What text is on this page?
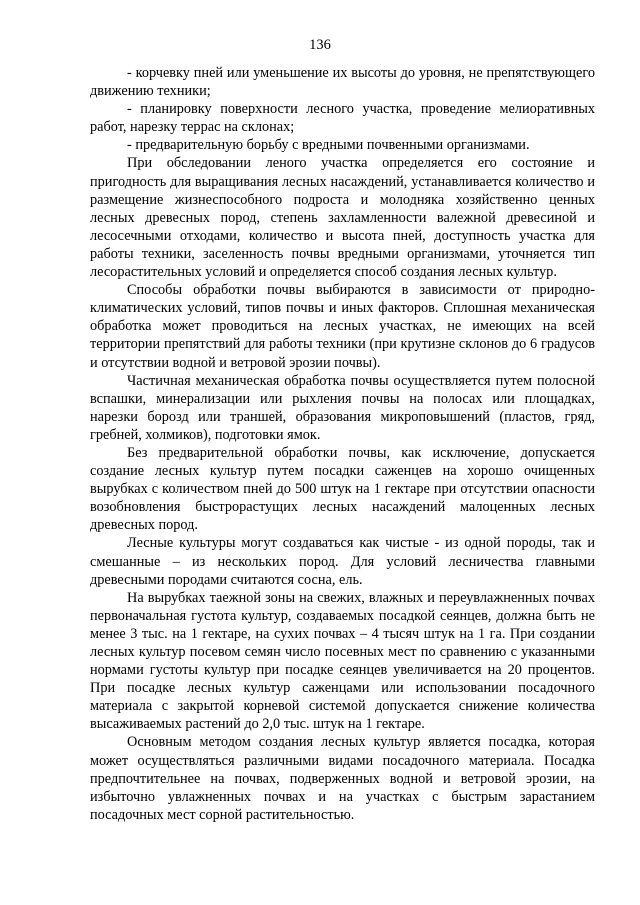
136

- корчевку пней или уменьшение их высоты до уровня, не препятствующего движению техники;

- планировку поверхности лесного участка, проведение мелиоративных работ, нарезку террас на склонах;

- предварительную борьбу с вредными почвенными организмами.

При обследовании леного участка определяется его состояние и пригодность для выращивания лесных насаждений, устанавливается количество и размещение жизнеспособного подроста и молодняка хозяйственно ценных лесных древесных пород, степень захламленности валежной древесиной и лесосечными отходами, количество и высота пней, доступность участка для работы техники, заселенность почвы вредными организмами, уточняется тип лесорастительных условий и определяется способ создания лесных культур.

Способы обработки почвы выбираются в зависимости от природно-климатических условий, типов почвы и иных факторов. Сплошная механическая обработка может проводиться на лесных участках, не имеющих на всей территории препятствий для работы техники (при крутизне склонов до 6 градусов и отсутствии водной и ветровой эрозии почвы).

Частичная механическая обработка почвы осуществляется путем полосной вспашки, минерализации или рыхления почвы на полосах или площадках, нарезки борозд или траншей, образования микроповышений (пластов, гряд, гребней, холмиков), подготовки ямок.

Без предварительной обработки почвы, как исключение, допускается создание лесных культур путем посадки саженцев на хорошо очищенных вырубках с количеством пней до 500 штук на 1 гектаре при отсутствии опасности возобновления быстрорастущих лесных насаждений малоценных лесных древесных пород.

Лесные культуры могут создаваться как чистые - из одной породы, так и смешанные – из нескольких пород. Для условий лесничества главными древесными породами считаются сосна, ель.

На вырубках таежной зоны на свежих, влажных и переувлажненных почвах первоначальная густота культур, создаваемых посадкой сеянцев, должна быть не менее 3 тыс. на 1 гектаре, на сухих почвах – 4 тысяч штук на 1 га. При создании лесных культур посевом семян число посевных мест по сравнению с указанными нормами густоты культур при посадке сеянцев увеличивается на 20 процентов. При посадке лесных культур саженцами или использовании посадочного материала с закрытой корневой системой допускается снижение количества высаживаемых растений до 2,0 тыс. штук на 1 гектаре.

Основным методом создания лесных культур является посадка, которая может осуществляться различными видами посадочного материала. Посадка предпочтительнее на почвах, подверженных водной и ветровой эрозии, на избыточно увлажненных почвах и на участках с быстрым зарастанием посадочных мест сорной растительностью.
